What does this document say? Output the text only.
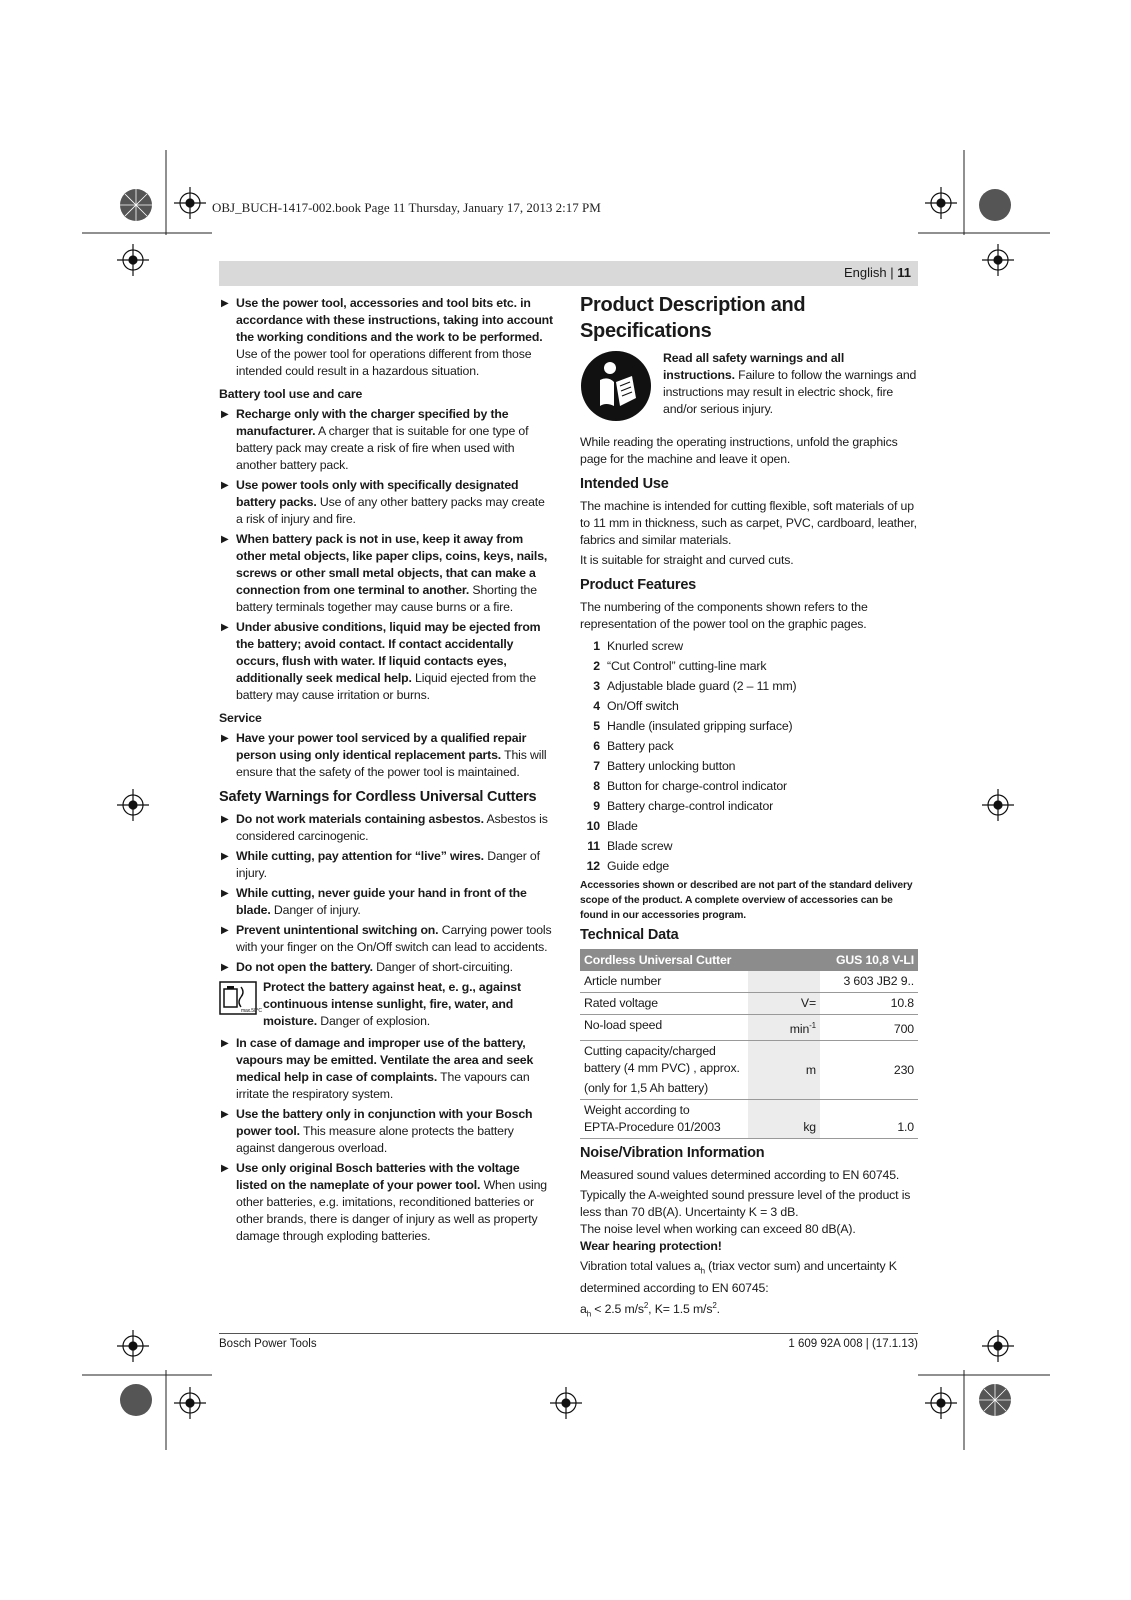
OBJ_BUCH-1417-002.book Page 11 Thursday, January 17, 2013 2:17 PM
English | 11
▶ Use the power tool, accessories and tool bits etc. in accordance with these instructions, taking into account the working conditions and the work to be performed. Use of the power tool for operations different from those intended could result in a hazardous situation.
Battery tool use and care
▶ Recharge only with the charger specified by the manufacturer. A charger that is suitable for one type of battery pack may create a risk of fire when used with another battery pack.
▶ Use power tools only with specifically designated battery packs. Use of any other battery packs may create a risk of injury and fire.
▶ When battery pack is not in use, keep it away from other metal objects, like paper clips, coins, keys, nails, screws or other small metal objects, that can make a connection from one terminal to another. Shorting the battery terminals together may cause burns or a fire.
▶ Under abusive conditions, liquid may be ejected from the battery; avoid contact. If contact accidentally occurs, flush with water. If liquid contacts eyes, additionally seek medical help. Liquid ejected from the battery may cause irritation or burns.
Service
▶ Have your power tool serviced by a qualified repair person using only identical replacement parts. This will ensure that the safety of the power tool is maintained.
Safety Warnings for Cordless Universal Cutters
▶ Do not work materials containing asbestos. Asbestos is considered carcinogenic.
▶ While cutting, pay attention for “live” wires. Danger of injury.
▶ While cutting, never guide your hand in front of the blade. Danger of injury.
▶ Prevent unintentional switching on. Carrying power tools with your finger on the On/Off switch can lead to accidents.
▶ Do not open the battery. Danger of short-circuiting.
max.50°C
Protect the battery against heat, e. g., against continuous intense sunlight, fire, water, and moisture. Danger of explosion.
▶ In case of damage and improper use of the battery, vapours may be emitted. Ventilate the area and seek medical help in case of complaints. The vapours can irritate the respiratory system.
▶ Use the battery only in conjunction with your Bosch power tool. This measure alone protects the battery against dangerous overload.
▶ Use only original Bosch batteries with the voltage listed on the nameplate of your power tool. When using other batteries, e.g. imitations, reconditioned batteries or other brands, there is danger of injury as well as property damage through exploding batteries.
Product Description and Specifications
Read all safety warnings and all instructions. Failure to follow the warnings and instructions may result in electric shock, fire and/or serious injury.

While reading the operating instructions, unfold the graphics page for the machine and leave it open.

Intended Use

The machine is intended for cutting flexible, soft materials of up to 11 mm in thickness, such as carpet, PVC, cardboard, leather, fabrics and similar materials.

It is suitable for straight and curved cuts.

Product Features

The numbering of the components shown refers to the representation of the power tool on the graphic pages.

1 Knurled screw
2 “Cut Control” cutting-line mark
3 Adjustable blade guard (2 – 11 mm)
4 On/Off switch
5 Handle (insulated gripping surface)
6 Battery pack
7 Battery unlocking button
8 Button for charge-control indicator
9 Battery charge-control indicator
10 Blade
11 Blade screw
12 Guide edge
Accessories shown or described are not part of the standard delivery scope of the product. A complete overview of accessories can be found in our accessories program.
Technical Data
Cordless Universal Cutter		GUS 10,8 V-LI
Article number		3 603 JB2 9..
Rated voltage	V=	10.8
No-load speed	$\min^{-1}$	700

Cutting capacity/charged battery (4 mm PVC) , approx.
(only for 1,5 Ah battery)	m	230

Weight according to
EPTA-Procedure 01/2003	kg	1.0
Noise/Vibration Information

Measured sound values determined according to EN 60745.

Typically the A-weighted sound pressure level of the product is less than 70 dB(A). Uncertainty K = 3 dB.

The noise level when working can exceed 80 dB(A).

Wear hearing protection!

Vibration total values $a_h$ (triax vector sum) and uncertainty K determined according to EN 60745:

$a_h < 2.5$ $m/s^2$, K= 1.5 $m/s^2$.

Bosch Power Tools	1 609 92A 008 | (17.1.13)
